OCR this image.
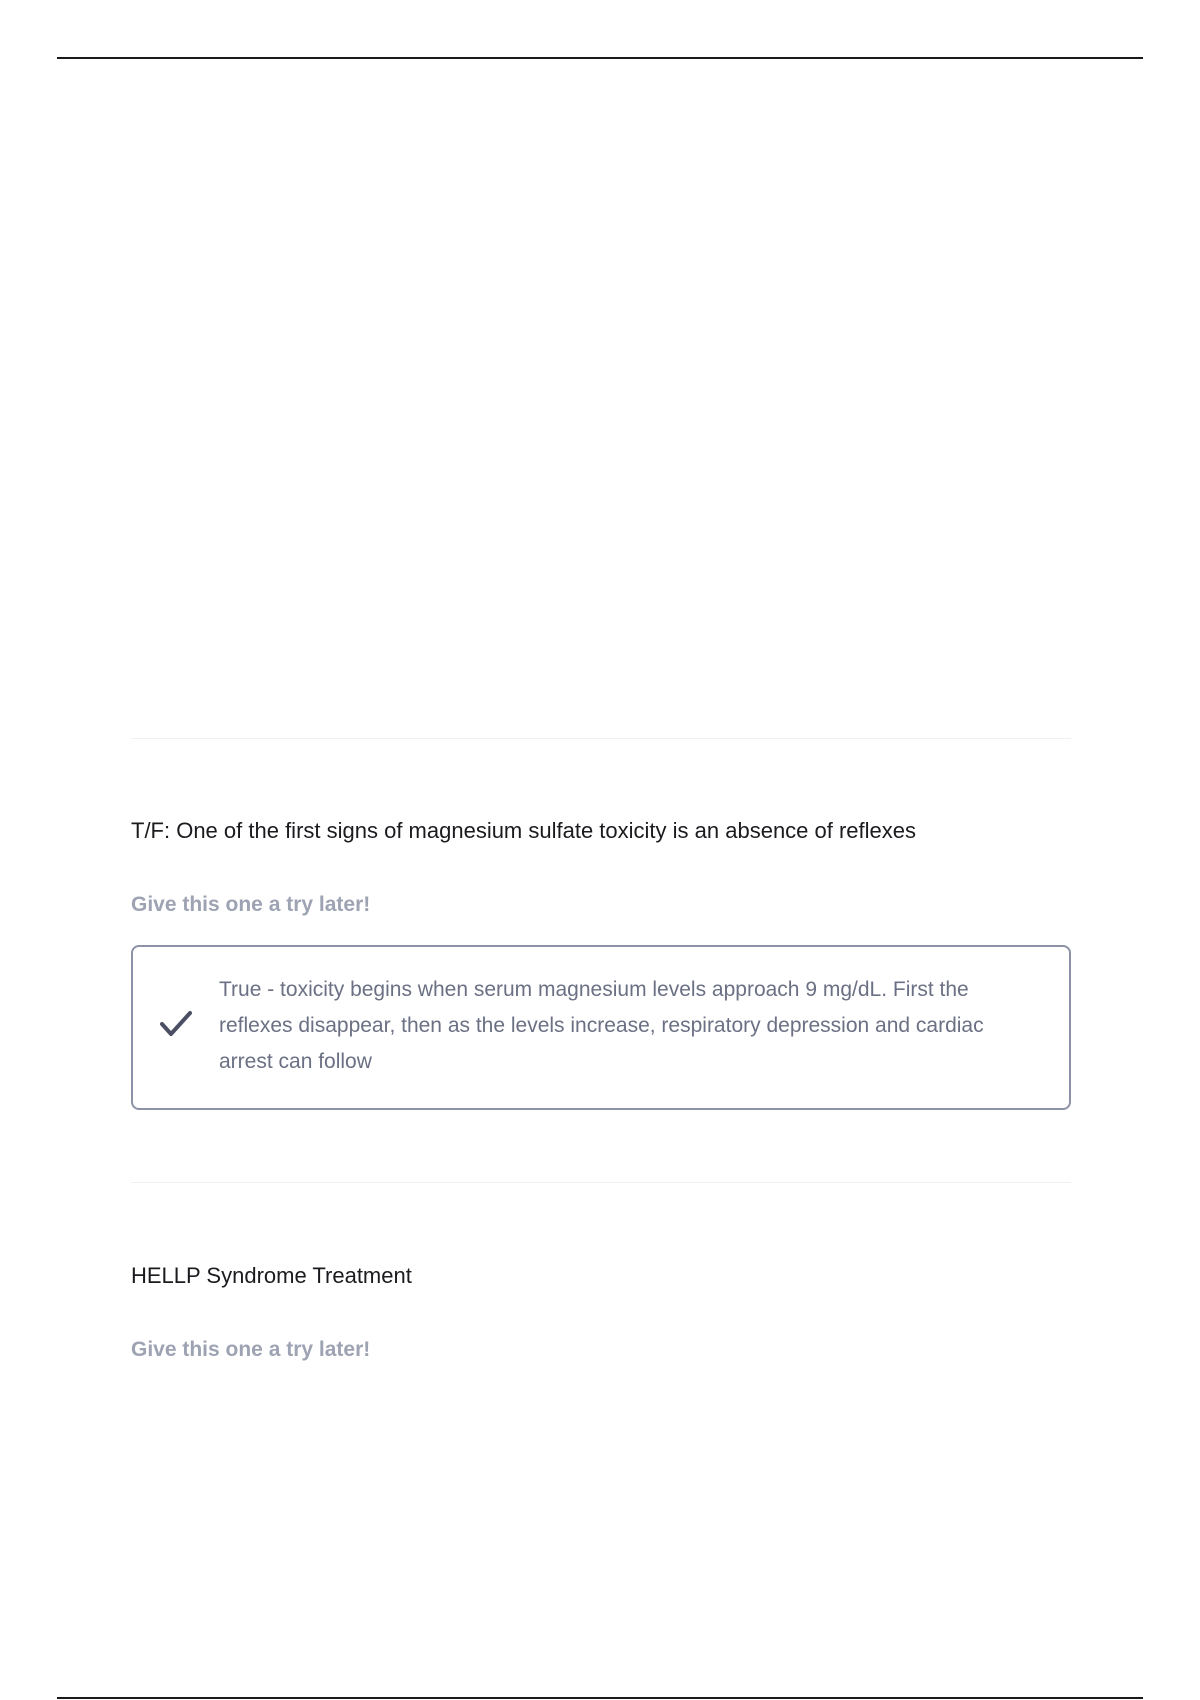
T/F: One of the first signs of magnesium sulfate toxicity is an absence of reflexes

Give this one a try later!

True - toxicity begins when serum magnesium levels approach 9 mg/dL. First the reflexes disappear, then as the levels increase, respiratory depression and cardiac arrest can follow

HELLP Syndrome Treatment

Give this one a try later!
